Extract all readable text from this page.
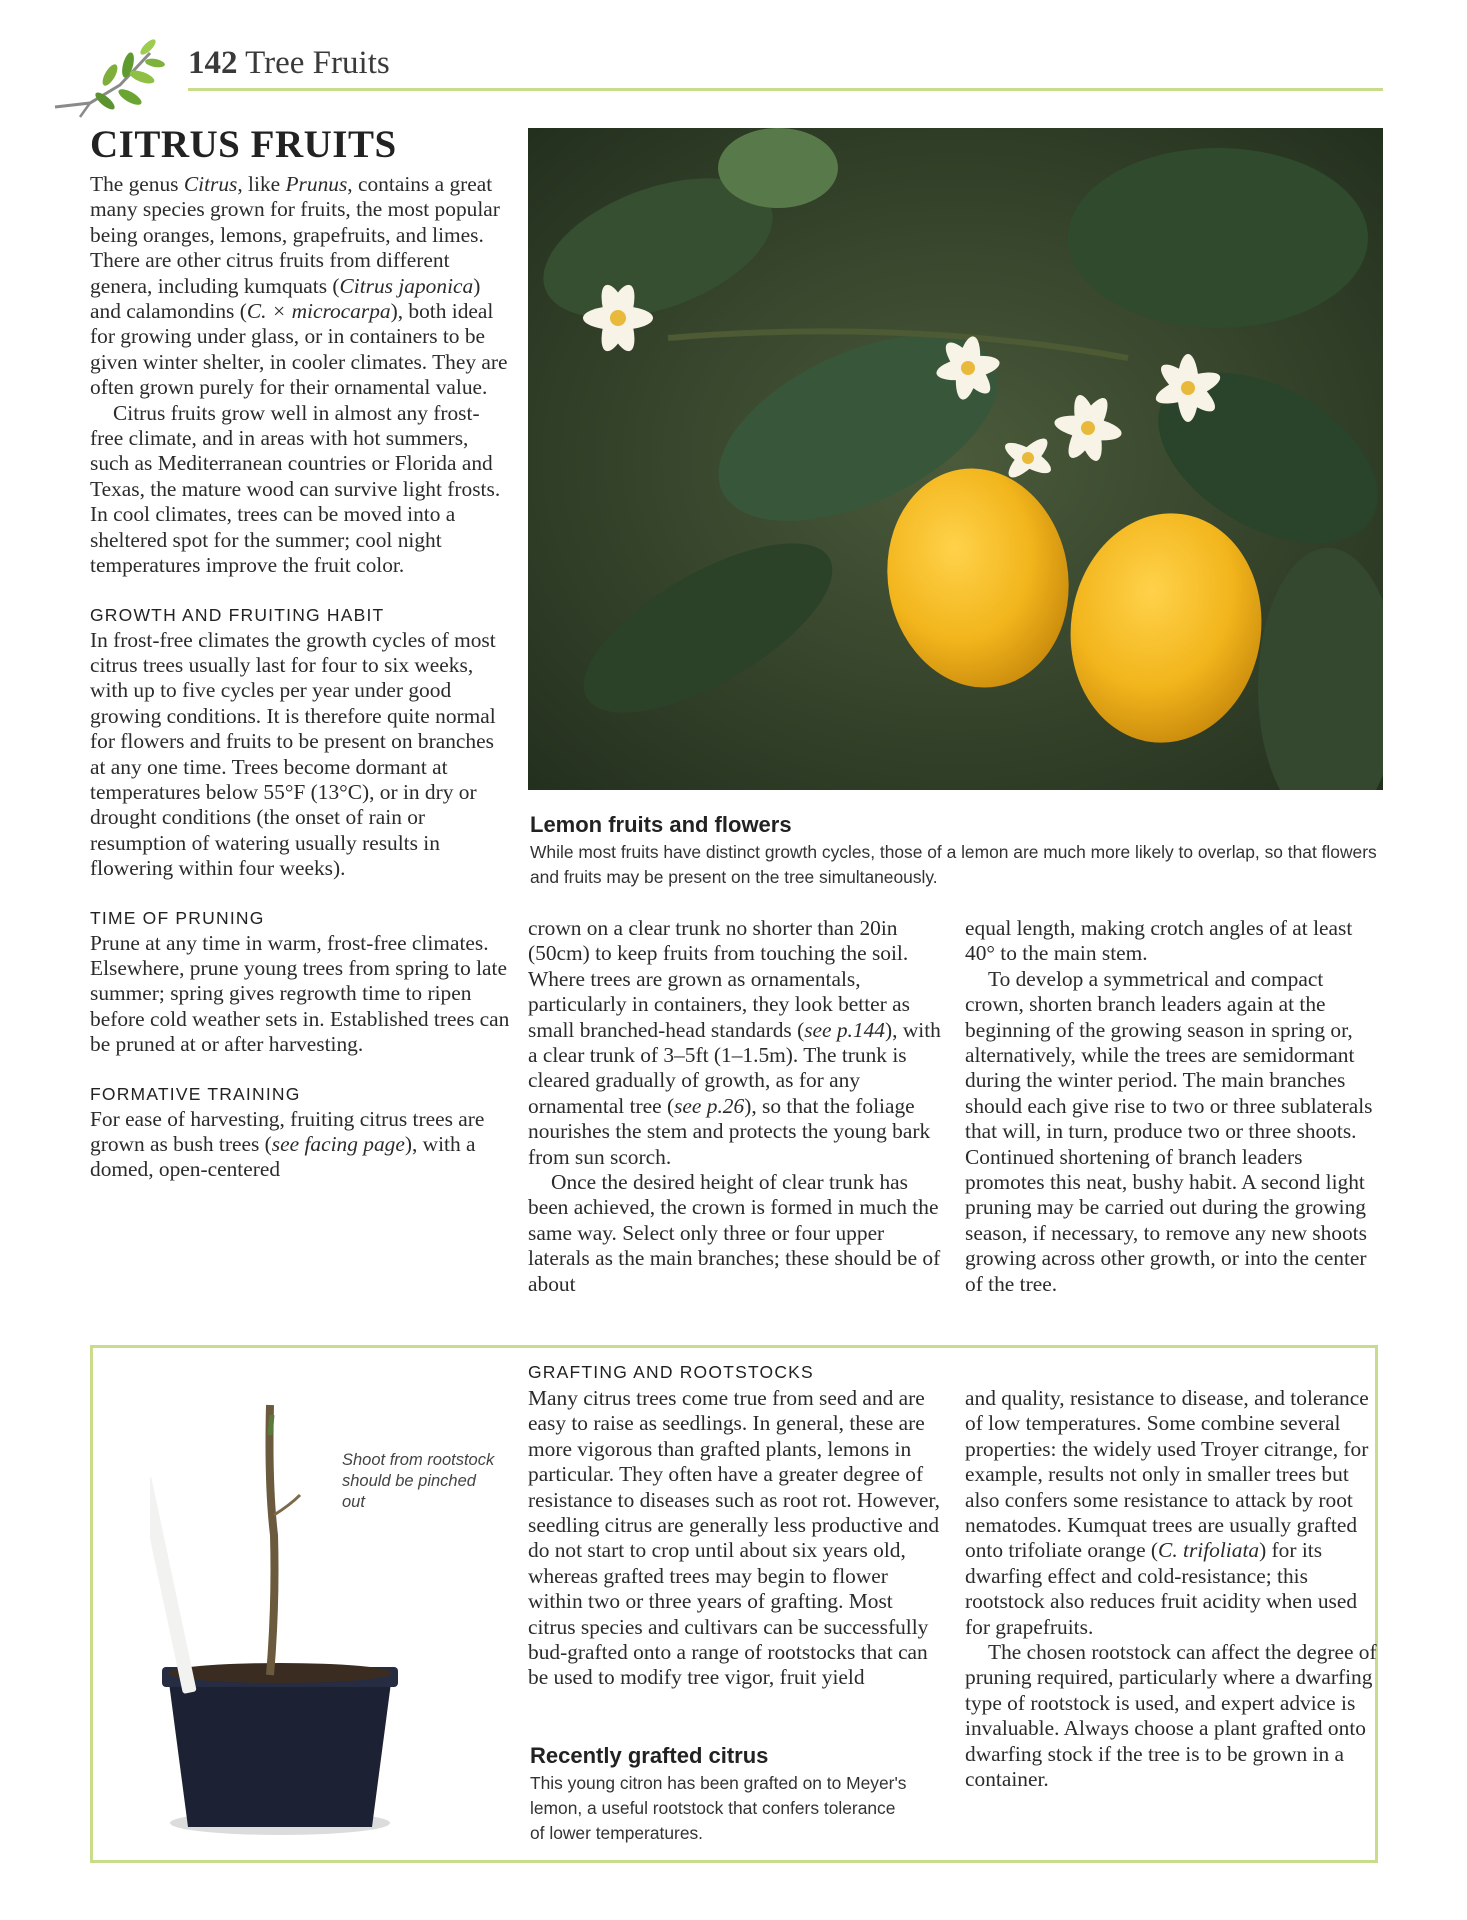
142 Tree Fruits
CITRUS FRUITS

The genus Citrus, like Prunus, contains a great many species grown for fruits, the most popular being oranges, lemons, grapefruits, and limes. There are other citrus fruits from different genera, including kumquats (Citrus japonica) and calamondins (C. × microcarpa), both ideal for growing under glass, or in containers to be given winter shelter, in cooler climates. They are often grown purely for their ornamental value.

Citrus fruits grow well in almost any frost-free climate, and in areas with hot summers, such as Mediterranean countries or Florida and Texas, the mature wood can survive light frosts. In cool climates, trees can be moved into a sheltered spot for the summer; cool night temperatures improve the fruit color.

GROWTH AND FRUITING HABIT

In frost-free climates the growth cycles of most citrus trees usually last for four to six weeks, with up to five cycles per year under good growing conditions. It is therefore quite normal for flowers and fruits to be present on branches at any one time. Trees become dormant at temperatures below 55°F (13°C), or in dry or drought conditions (the onset of rain or resumption of watering usually results in flowering within four weeks).

TIME OF PRUNING

Prune at any time in warm, frost-free climates. Elsewhere, prune young trees from spring to late summer; spring gives regrowth time to ripen before cold weather sets in. Established trees can be pruned at or after harvesting.

FORMATIVE TRAINING

For ease of harvesting, fruiting citrus trees are grown as bush trees (see facing page), with a domed, open-centered

Lemon fruits and flowers
While most fruits have distinct growth cycles, those of a lemon are much more likely to overlap, so that flowers and fruits may be present on the tree simultaneously.

crown on a clear trunk no shorter than 20in (50cm) to keep fruits from touching the soil. Where trees are grown as ornamentals, particularly in containers, they look better as small branched-head standards (see p.144), with a clear trunk of 3–5ft (1–1.5m). The trunk is cleared gradually of growth, as for any ornamental tree (see p.26), so that the foliage nourishes the stem and protects the young bark from sun scorch.

Once the desired height of clear trunk has been achieved, the crown is formed in much the same way. Select only three or four upper laterals as the main branches; these should be of about

equal length, making crotch angles of at least 40° to the main stem.

To develop a symmetrical and compact crown, shorten branch leaders again at the beginning of the growing season in spring or, alternatively, while the trees are semidormant during the winter period. The main branches should each give rise to two or three sublaterals that will, in turn, produce two or three shoots. Continued shortening of branch leaders promotes this neat, bushy habit. A second light pruning may be carried out during the growing season, if necessary, to remove any new shoots growing across other growth, or into the center of the tree.

Shoot from rootstock should be pinched out
GRAFTING AND ROOTSTOCKS

Many citrus trees come true from seed and are easy to raise as seedlings. In general, these are more vigorous than grafted plants, lemons in particular. They often have a greater degree of resistance to diseases such as root rot. However, seedling citrus are generally less productive and do not start to crop until about six years old, whereas grafted trees may begin to flower within two or three years of grafting. Most citrus species and cultivars can be successfully bud-grafted onto a range of rootstocks that can be used to modify tree vigor, fruit yield

and quality, resistance to disease, and tolerance of low temperatures. Some combine several properties: the widely used Troyer citrange, for example, results not only in smaller trees but also confers some resistance to attack by root nematodes. Kumquat trees are usually grafted onto trifoliate orange (C. trifoliata) for its dwarfing effect and cold-resistance; this rootstock also reduces fruit acidity when used for grapefruits.

The chosen rootstock can affect the degree of pruning required, particularly where a dwarfing type of rootstock is used, and expert advice is invaluable. Always choose a plant grafted onto dwarfing stock if the tree is to be grown in a container.

Recently grafted citrus
This young citron has been grafted on to Meyer's lemon, a useful rootstock that confers tolerance of lower temperatures.
